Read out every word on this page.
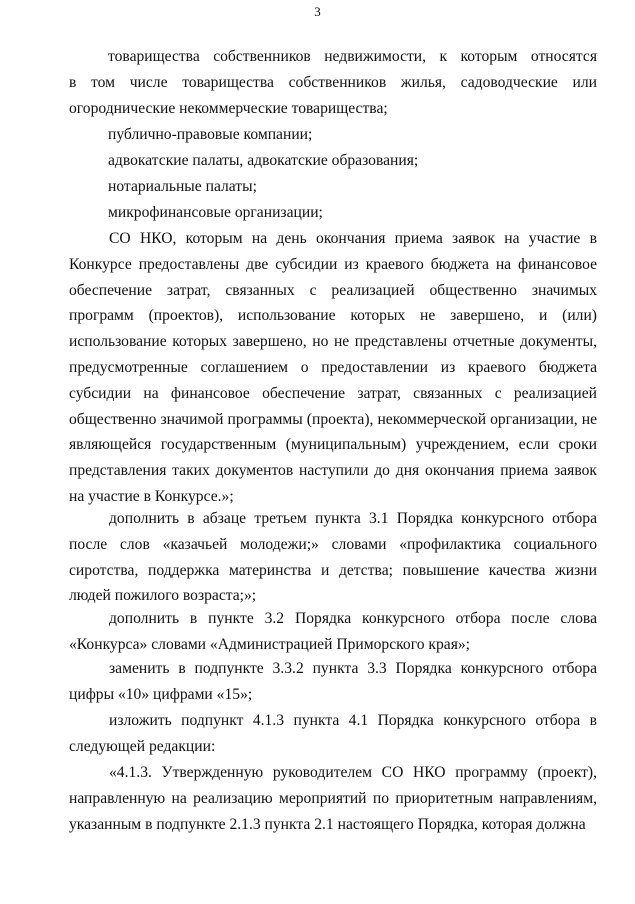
3
товарищества собственников недвижимости, к которым относятся
в том числе товарищества собственников жилья, садоводческие или
огороднические некоммерческие товарищества;
публично-правовые компании;
адвокатские палаты, адвокатские образования;
нотариальные палаты;
микрофинансовые организации;
СО НКО, которым на день окончания приема заявок на участие в Конкурсе предоставлены две субсидии из краевого бюджета на финансовое обеспечение затрат, связанных с реализацией общественно значимых программ (проектов), использование которых не завершено, и (или) использование которых завершено, но не представлены отчетные документы, предусмотренные соглашением о предоставлении из краевого бюджета субсидии на финансовое обеспечение затрат, связанных с реализацией общественно значимой программы (проекта), некоммерческой организации, не являющейся государственным (муниципальным) учреждением, если сроки представления таких документов наступили до дня окончания приема заявок на участие в Конкурсе.»;
дополнить в абзаце третьем пункта 3.1 Порядка конкурсного отбора после слов «казачьей молодежи;» словами «профилактика социального сиротства, поддержка материнства и детства; повышение качества жизни людей пожилого возраста;»;
дополнить в пункте 3.2 Порядка конкурсного отбора после слова «Конкурса» словами «Администрацией Приморского края»;
заменить в подпункте 3.3.2 пункта 3.3 Порядка конкурсного отбора цифры «10» цифрами «15»;
изложить подпункт 4.1.3 пункта 4.1 Порядка конкурсного отбора в следующей редакции:
«4.1.3. Утвержденную руководителем СО НКО программу (проект), направленную на реализацию мероприятий по приоритетным направлениям, указанным в подпункте 2.1.3 пункта 2.1 настоящего Порядка, которая должна
